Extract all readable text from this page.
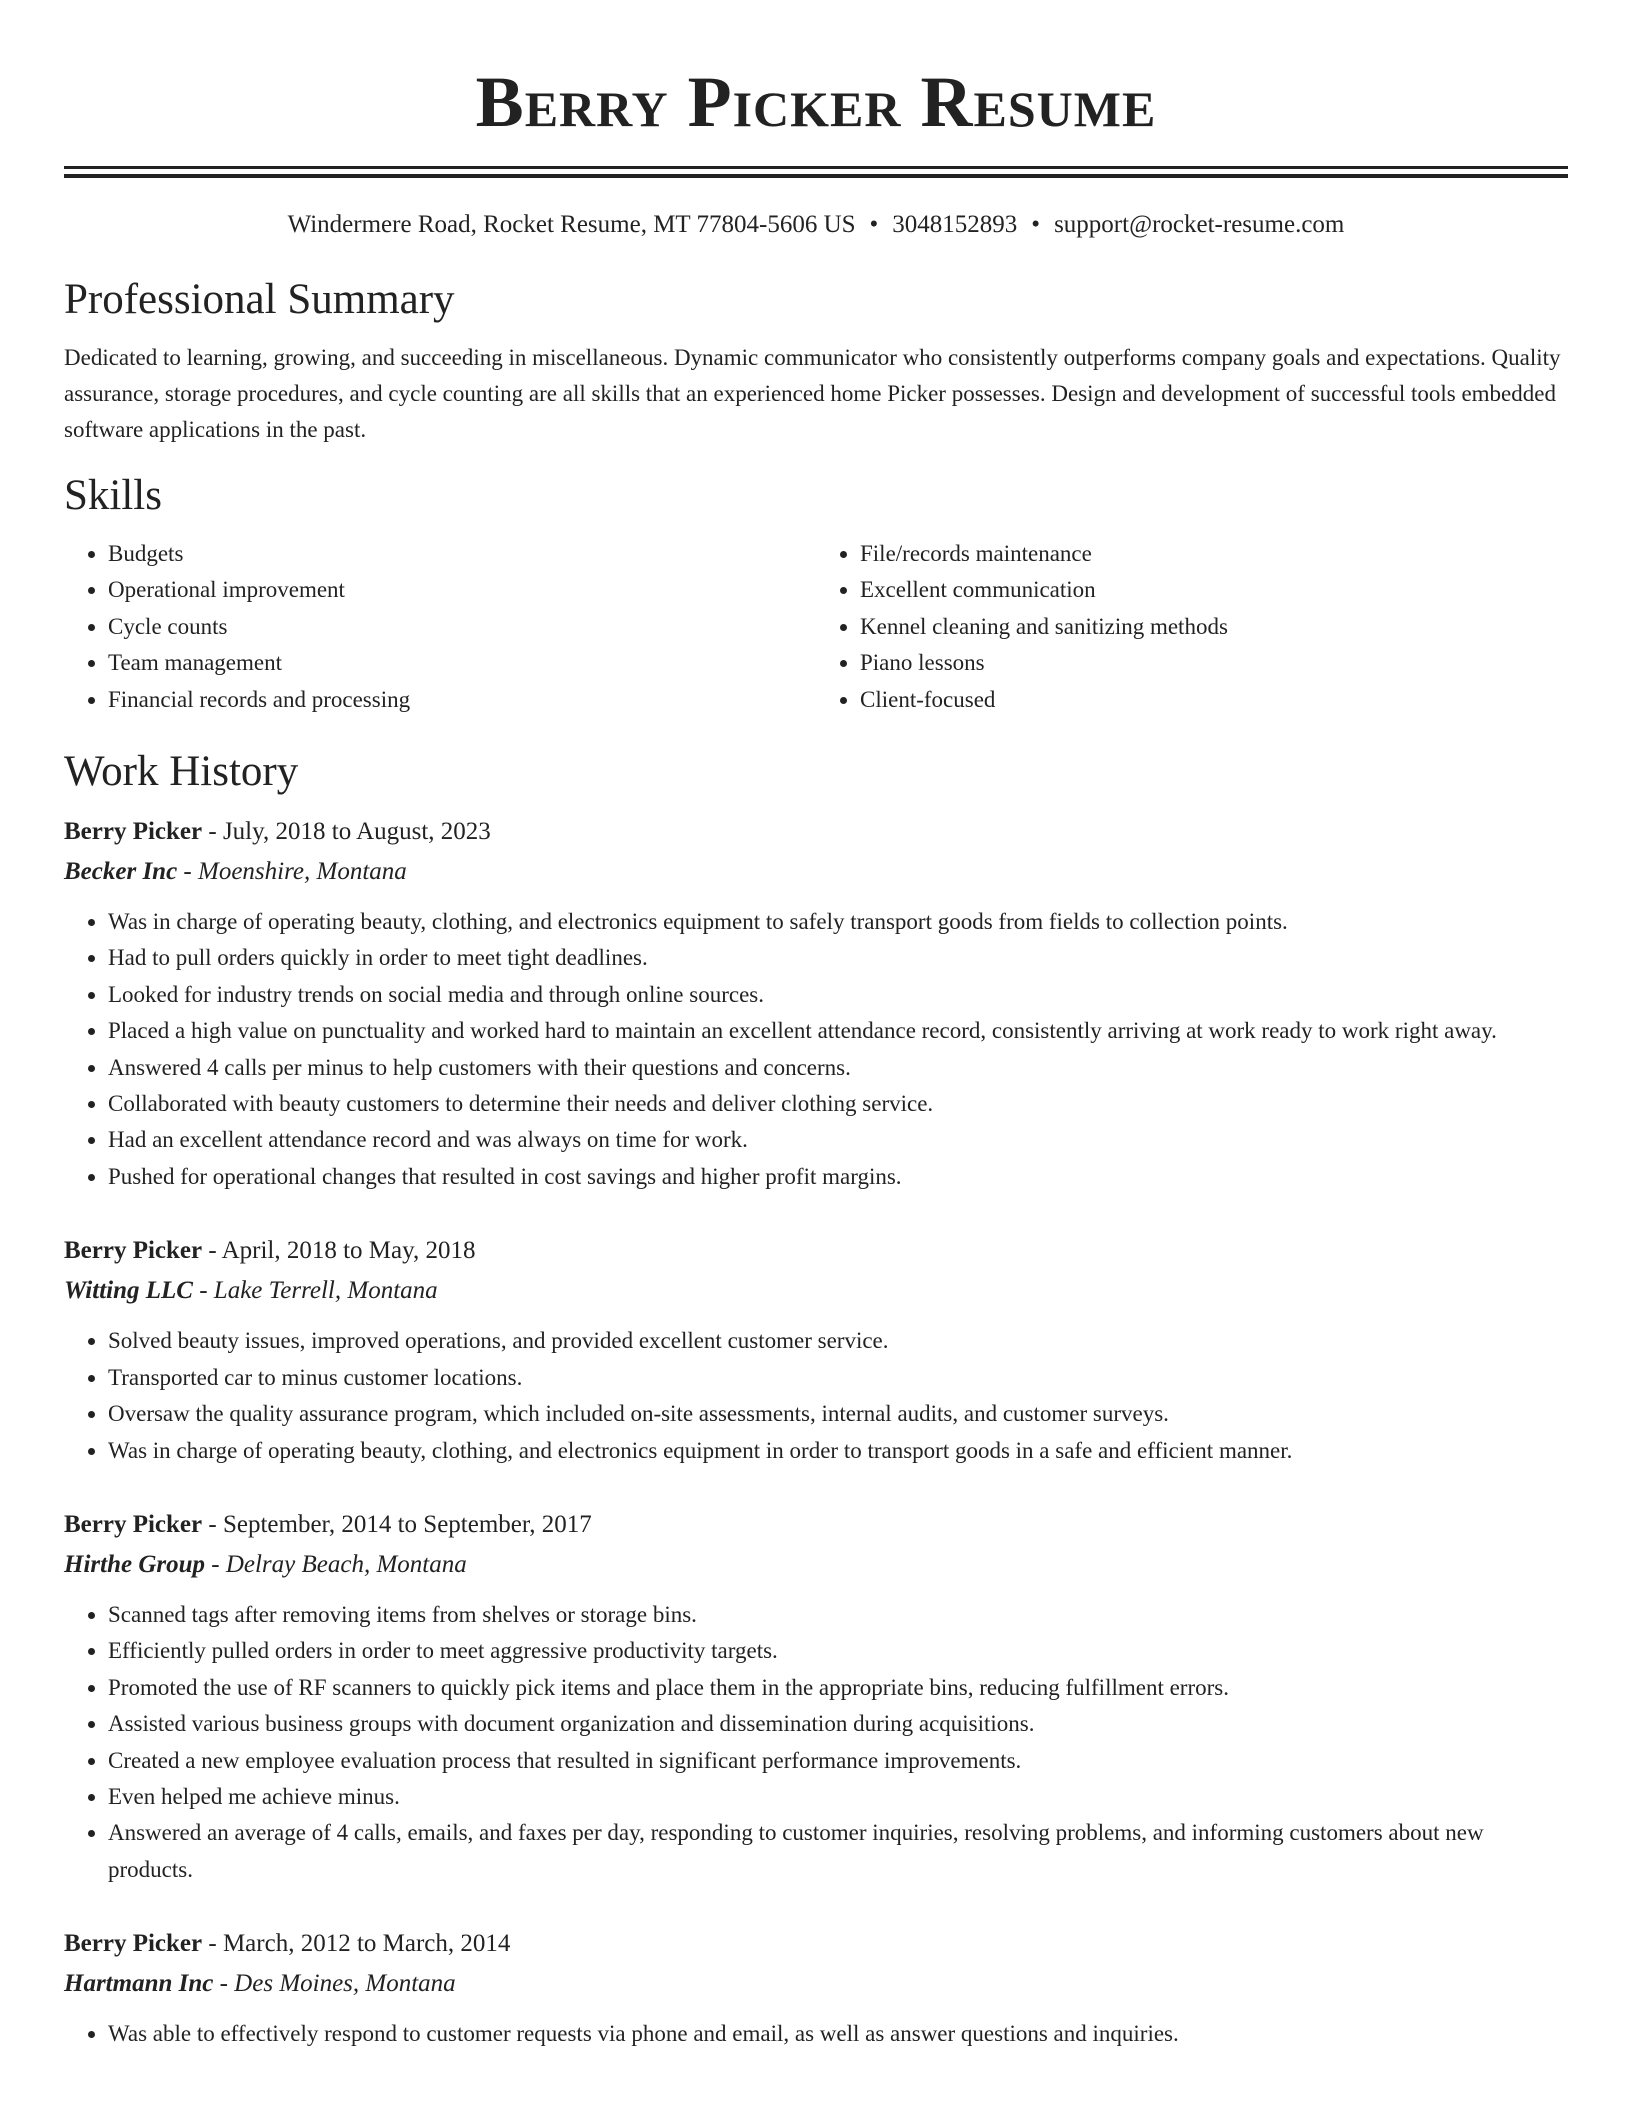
Berry Picker Resume
Windermere Road, Rocket Resume, MT 77804-5606 US • 3048152893 • support@rocket-resume.com
Professional Summary

Dedicated to learning, growing, and succeeding in miscellaneous. Dynamic communicator who consistently outperforms company goals and expectations. Quality assurance, storage procedures, and cycle counting are all skills that an experienced home Picker possesses. Design and development of successful tools embedded software applications in the past.

Skills
• Budgets
• Operational improvement
• Cycle counts
• Team management
• Financial records and processing
• File/records maintenance
• Excellent communication
• Kennel cleaning and sanitizing methods
• Piano lessons
• Client-focused
Work History
Berry Picker - July, 2018 to August, 2023
Becker Inc - Moenshire, Montana
• Was in charge of operating beauty, clothing, and electronics equipment to safely transport goods from fields to collection points.
• Had to pull orders quickly in order to meet tight deadlines.
• Looked for industry trends on social media and through online sources.
• Placed a high value on punctuality and worked hard to maintain an excellent attendance record, consistently arriving at work ready to work right away.
• Answered 4 calls per minus to help customers with their questions and concerns.
• Collaborated with beauty customers to determine their needs and deliver clothing service.
• Had an excellent attendance record and was always on time for work.
• Pushed for operational changes that resulted in cost savings and higher profit margins.
Berry Picker - April, 2018 to May, 2018
Witting LLC - Lake Terrell, Montana
• Solved beauty issues, improved operations, and provided excellent customer service.
• Transported car to minus customer locations.
• Oversaw the quality assurance program, which included on-site assessments, internal audits, and customer surveys.
• Was in charge of operating beauty, clothing, and electronics equipment in order to transport goods in a safe and efficient manner.
Berry Picker - September, 2014 to September, 2017
Hirthe Group - Delray Beach, Montana
• Scanned tags after removing items from shelves or storage bins.
• Efficiently pulled orders in order to meet aggressive productivity targets.
• Promoted the use of RF scanners to quickly pick items and place them in the appropriate bins, reducing fulfillment errors.
• Assisted various business groups with document organization and dissemination during acquisitions.
• Created a new employee evaluation process that resulted in significant performance improvements.
• Even helped me achieve minus.
• Answered an average of 4 calls, emails, and faxes per day, responding to customer inquiries, resolving problems, and informing customers about new products.
Berry Picker - March, 2012 to March, 2014
Hartmann Inc - Des Moines, Montana
• Was able to effectively respond to customer requests via phone and email, as well as answer questions and inquiries.
